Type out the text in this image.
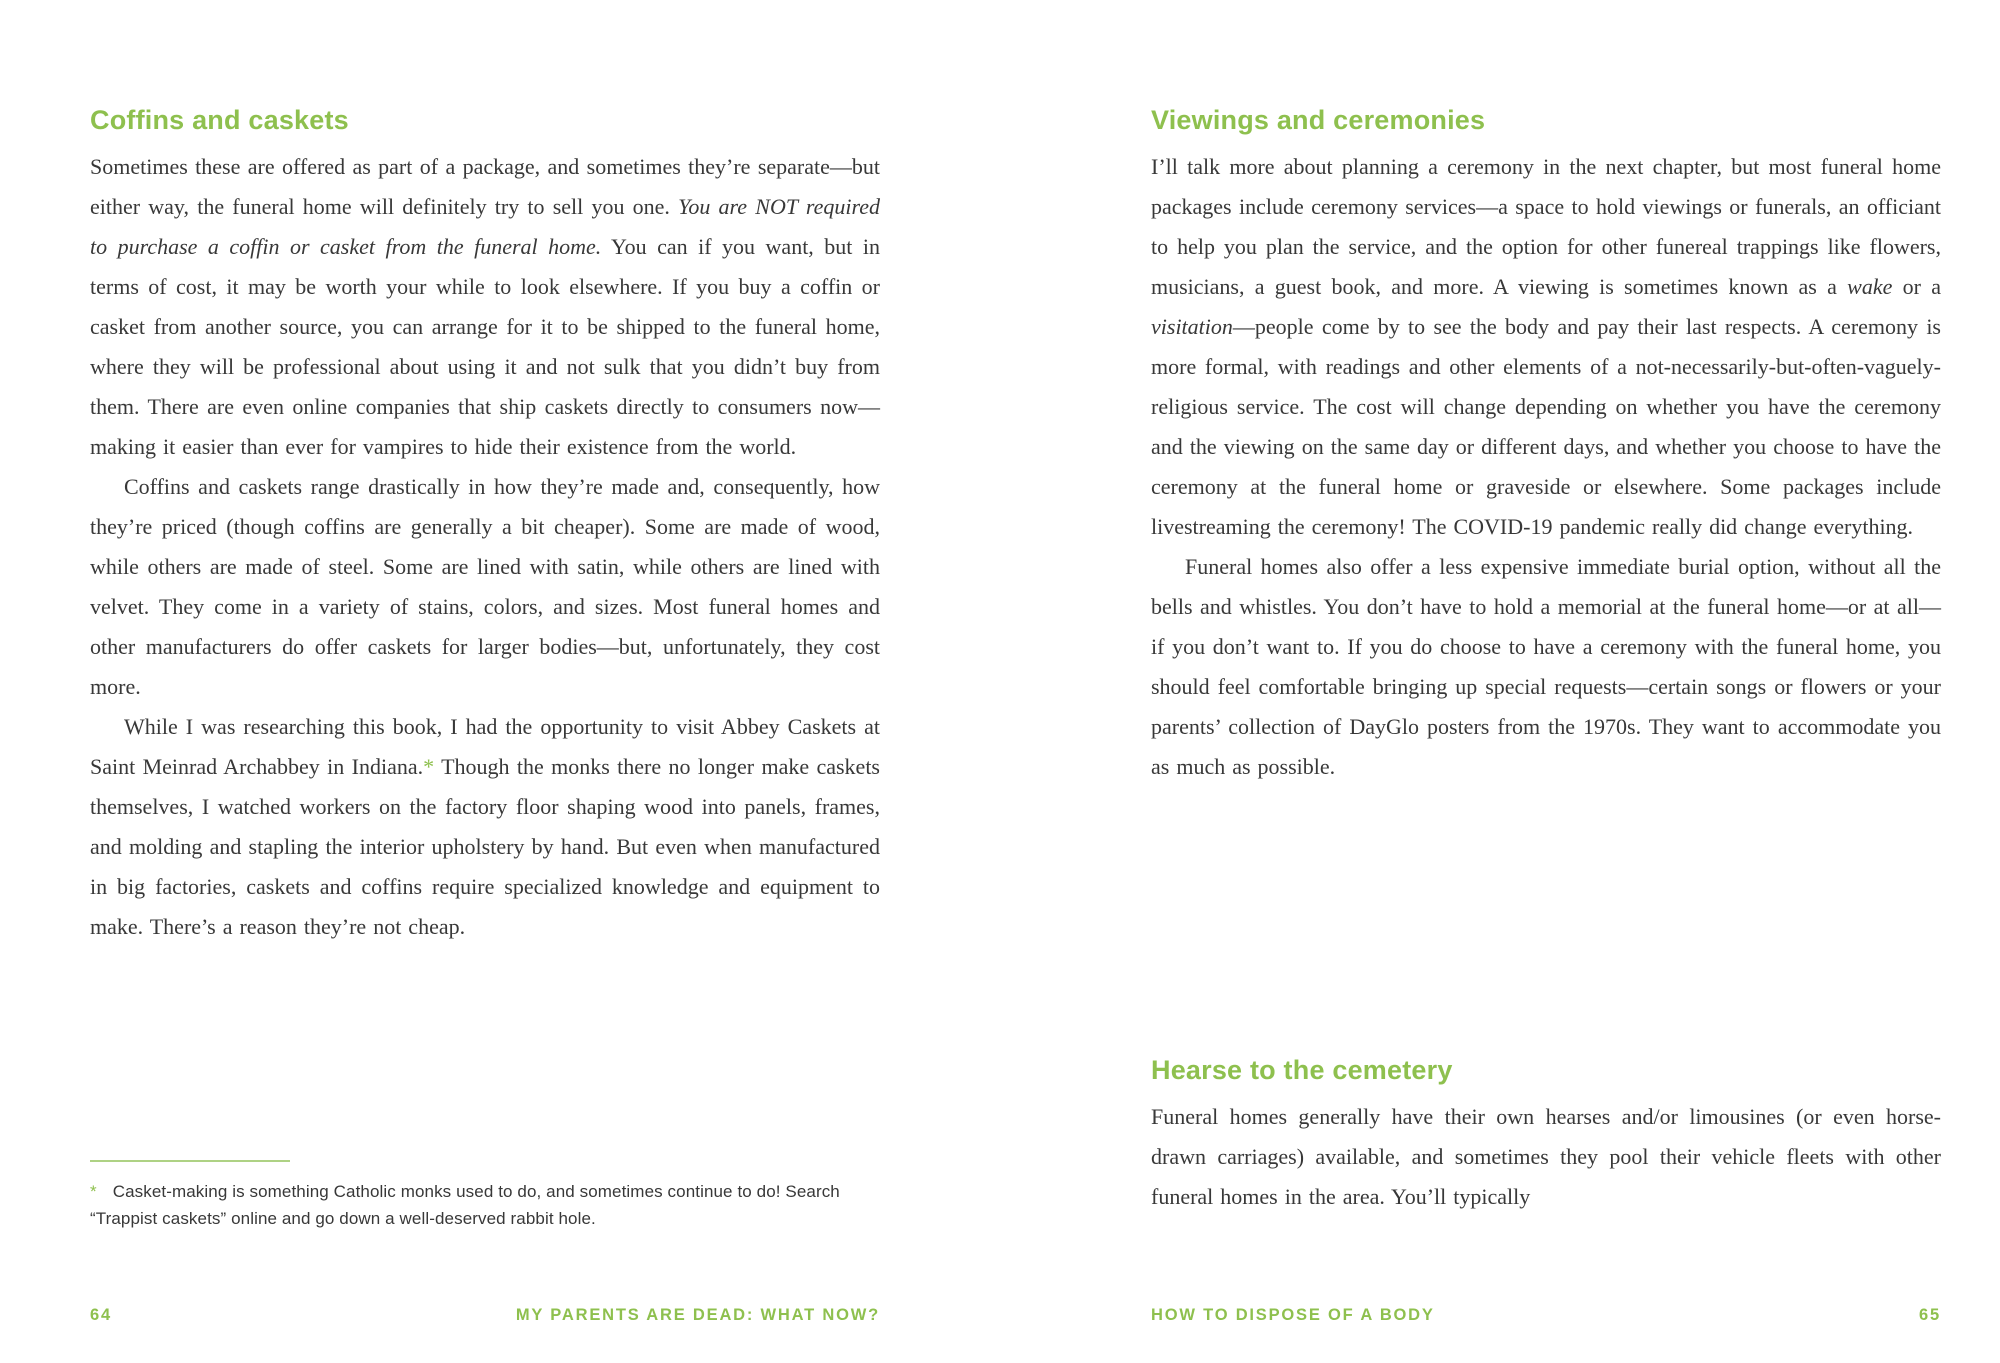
Coffins and caskets

Sometimes these are offered as part of a package, and sometimes they’re separate—but either way, the funeral home will definitely try to sell you one. You are NOT required to purchase a coffin or casket from the funeral home. You can if you want, but in terms of cost, it may be worth your while to look elsewhere. If you buy a coffin or casket from another source, you can arrange for it to be shipped to the funeral home, where they will be professional about using it and not sulk that you didn’t buy from them. There are even online companies that ship caskets directly to consumers now—making it easier than ever for vampires to hide their existence from the world.

Coffins and caskets range drastically in how they’re made and, consequently, how they’re priced (though coffins are generally a bit cheaper). Some are made of wood, while others are made of steel. Some are lined with satin, while others are lined with velvet. They come in a variety of stains, colors, and sizes. Most funeral homes and other manufacturers do offer caskets for larger bodies—but, unfortunately, they cost more.

While I was researching this book, I had the opportunity to visit Abbey Caskets at Saint Meinrad Archabbey in Indiana.* Though the monks there no longer make caskets themselves, I watched workers on the factory floor shaping wood into panels, frames, and molding and stapling the interior upholstery by hand. But even when manufactured in big factories, caskets and coffins require specialized knowledge and equipment to make. There’s a reason they’re not cheap.

* Casket-making is something Catholic monks used to do, and sometimes continue to do! Search “Trappist caskets” online and go down a well-deserved rabbit hole.

64	MY PARENTS ARE DEAD: WHAT NOW?
Viewings and ceremonies

I’ll talk more about planning a ceremony in the next chapter, but most funeral home packages include ceremony services—a space to hold viewings or funerals, an officiant to help you plan the service, and the option for other funereal trappings like flowers, musicians, a guest book, and more. A viewing is sometimes known as a wake or a visitation—people come by to see the body and pay their last respects. A ceremony is more formal, with readings and other elements of a not-necessarily-but-often-vaguely-religious service. The cost will change depending on whether you have the ceremony and the viewing on the same day or different days, and whether you choose to have the ceremony at the funeral home or graveside or elsewhere. Some packages include livestreaming the ceremony! The COVID-19 pandemic really did change everything.

Funeral homes also offer a less expensive immediate burial option, without all the bells and whistles. You don’t have to hold a memorial at the funeral home—or at all—if you don’t want to. If you do choose to have a ceremony with the funeral home, you should feel comfortable bringing up special requests—certain songs or flowers or your parents’ collection of DayGlo posters from the 1970s. They want to accommodate you as much as possible.

Hearse to the cemetery

Funeral homes generally have their own hearses and/or limousines (or even horse-drawn carriages) available, and sometimes they pool their vehicle fleets with other funeral homes in the area. You’ll typically

HOW TO DISPOSE OF A BODY	65
